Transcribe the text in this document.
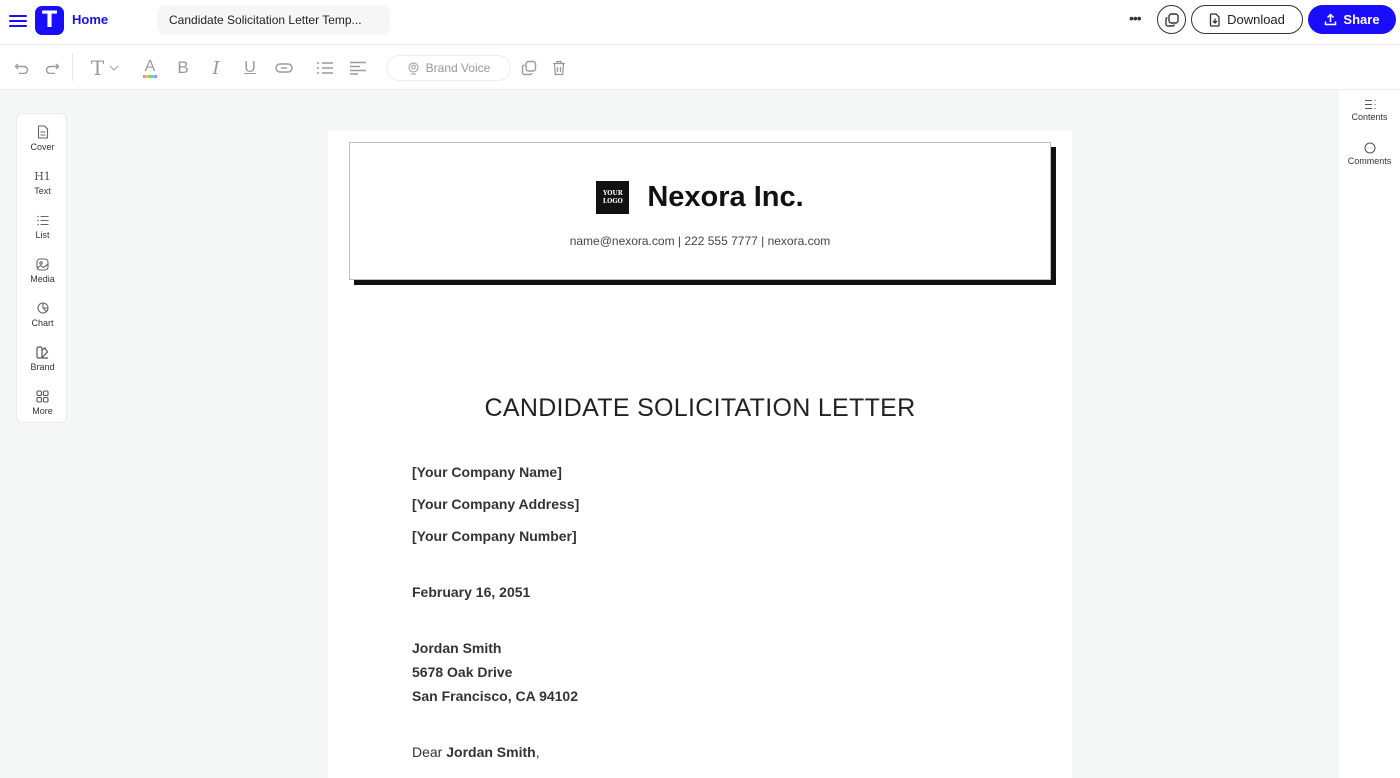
T	Home	Candidate Solicitation Letter Temp...	•••	Download	Share
T	A B I U	Brand Voice
Cover
H1
Text
List
Media
Chart
Brand
More
Contents
Comments
YOUR
LOGO Nexora Inc.
name@nexora.com | 222 555 7777 | nexora.com
CANDIDATE SOLICITATION LETTER
[Your Company Name]
[Your Company Address]
[Your Company Number]
February 16, 2051
Jordan Smith
5678 Oak Drive
San Francisco, CA 94102
Dear Jordan Smith,
